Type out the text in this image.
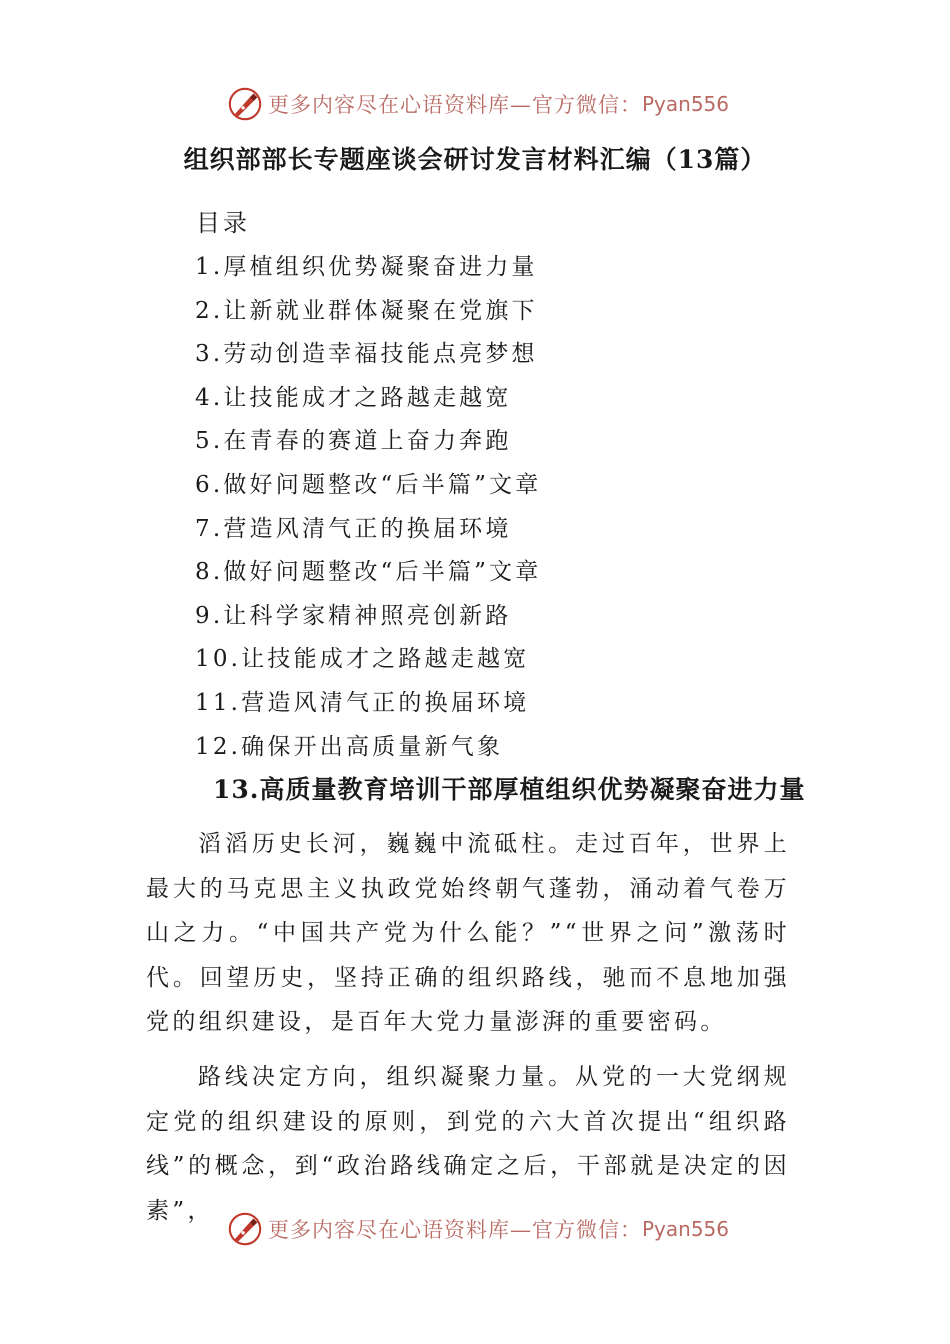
更多内容尽在心语资料库—官方微信： Pyan556
组织部部长专题座谈会研讨发言材料汇编（13篇）
目录
1.厚植组织优势凝聚奋进力量
2.让新就业群体凝聚在党旗下
3.劳动创造幸福技能点亮梦想
4.让技能成才之路越走越宽
5.在青春的赛道上奋力奔跑
6.做好问题整改“后半篇”文章
7.营造风清气正的换届环境
8.做好问题整改“后半篇”文章
9.让科学家精神照亮创新路
10.让技能成才之路越走越宽
11.营造风清气正的换届环境
12.确保开出高质量新气象
13.高质量教育培训干部厚植组织优势凝聚奋进力量

滔滔历史长河，巍巍中流砥柱。走过百年，世界上最大的马克思主义执政党始终朝气蓬勃，涌动着气卷万山之力。“中国共产党为什么能？”“世界之问”激荡时代。回望历史，坚持正确的组织路线，驰而不息地加强党的组织建设，是百年大党力量澎湃的重要密码。

路线决定方向，组织凝聚力量。从党的一大党纲规定党的组织建设的原则，到党的六大首次提出“组织路线”的概念，到“政治路线确定之后，干部就是决定的因素”，

更多内容尽在心语资料库—官方微信： Pyan556
